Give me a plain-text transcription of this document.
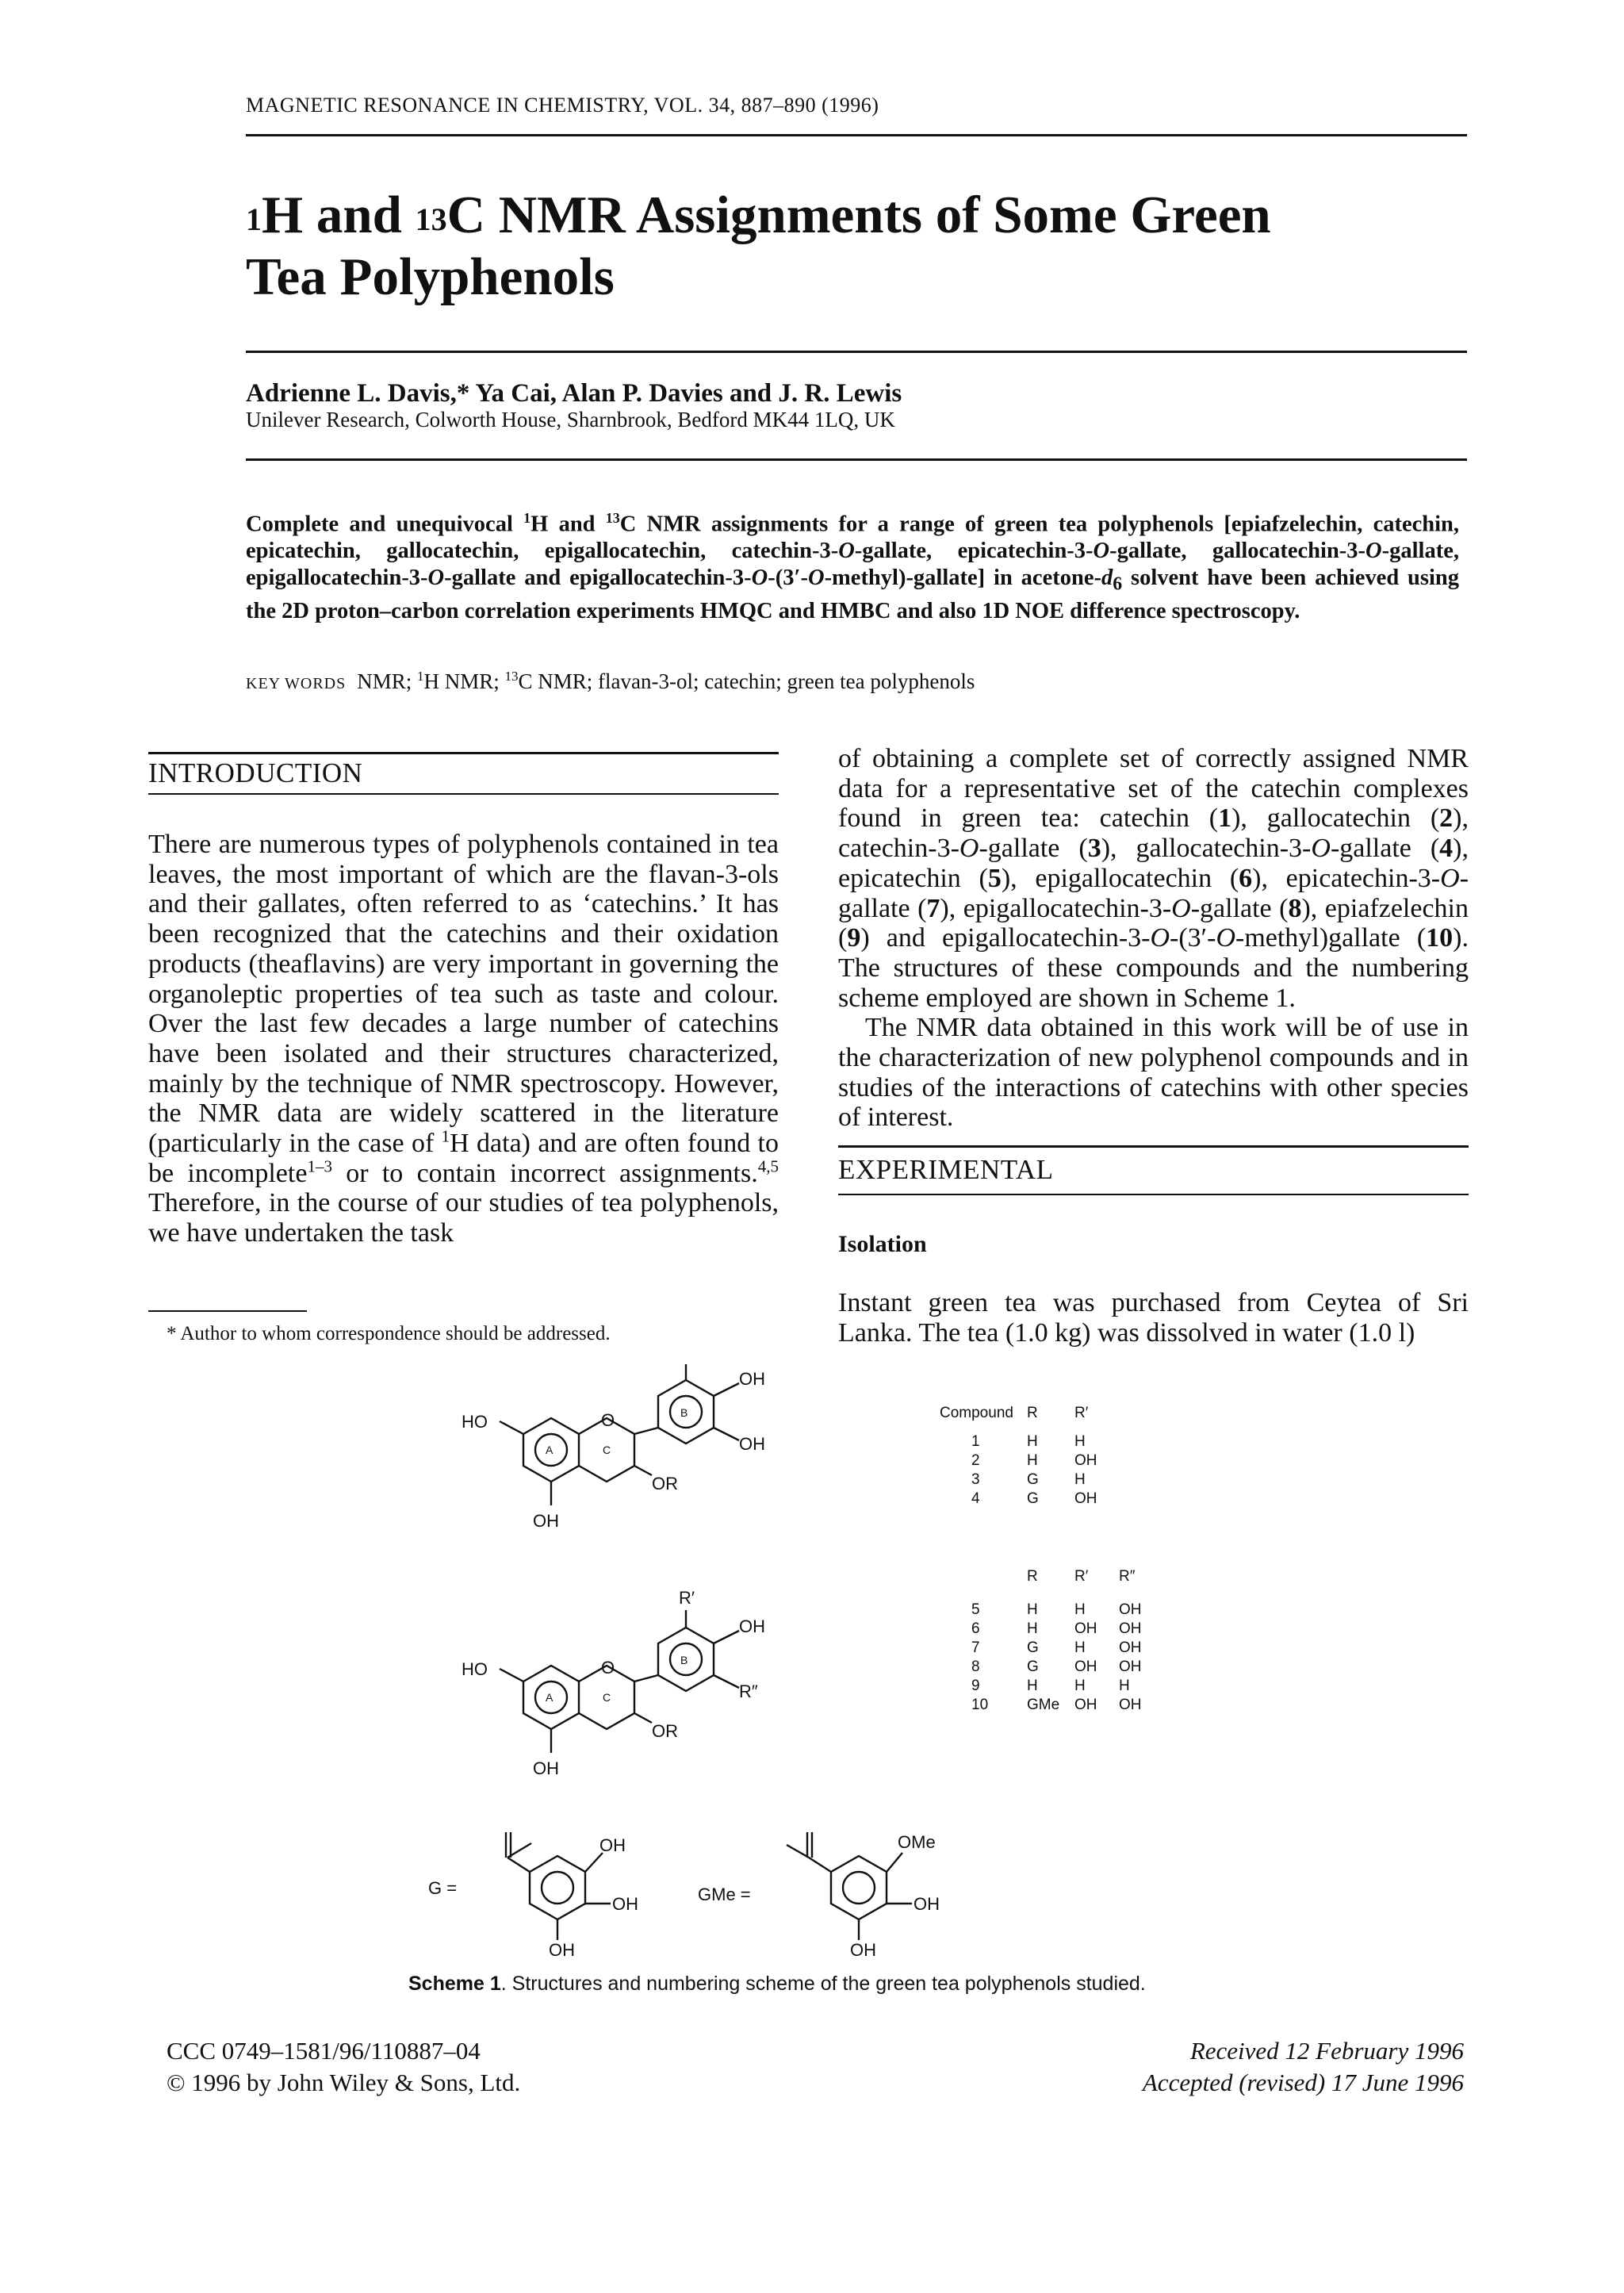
MAGNETIC RESONANCE IN CHEMISTRY, VOL. 34, 887–890 (1996)
$^1$H and $^{13}$C NMR Assignments of Some Green
Tea Polyphenols
Adrienne L. Davis,* Ya Cai, Alan P. Davies and J. R. Lewis
Unilever Research, Colworth House, Sharnbrook, Bedford MK44 1LQ, UK
Complete and unequivocal $^1$H and $^{13}$C NMR assignments for a range of green tea polyphenols [epiafzelechin, catechin, epicatechin, gallocatechin, epigallocatechin, catechin-3-O-gallate, epicatechin-3-O-gallate, gallocatechin-3-O-gallate, epigallocatechin-3-O-gallate and epigallocatechin-3-O-(3′-O-methyl)-gallate] in acetone-$d_6$ solvent have been achieved using the 2D proton–carbon correlation experiments HMQC and HMBC and also 1D NOE difference spectroscopy.
KEY WORDS NMR; $^1$H NMR; $^{13}$C NMR; flavan-3-ol; catechin; green tea polyphenols
INTRODUCTION
There are numerous types of polyphenols contained in tea leaves, the most important of which are the flavan-3-ols and their gallates, often referred to as ‘catechins.’ It has been recognized that the catechins and their oxidation products (theaflavins) are very important in governing the organoleptic properties of tea such as taste and colour. Over the last few decades a large number of catechins have been isolated and their structures characterized, mainly by the technique of NMR spectroscopy. However, the NMR data are widely scattered in the literature (particularly in the case of $^1$H data) and are often found to be incomplete$^{1-3}$ or to contain incorrect assignments.$^{4,5}$ Therefore, in the course of our studies of tea polyphenols, we have undertaken the task
of obtaining a complete set of correctly assigned NMR data for a representative set of the catechin complexes found in green tea: catechin (1), gallocatechin (2), catechin-3-O-gallate (3), gallocatechin-3-O-gallate (4), epicatechin (5), epigallocatechin (6), epicatechin-3-O-gallate (7), epigallocatechin-3-O-gallate (8), epiafzelechin (9) and epigallocatechin-3-O-(3′-O-methyl)gallate (10). The structures of these compounds and the numbering scheme employed are shown in Scheme 1.
The NMR data obtained in this work will be of use in the characterization of new polyphenol compounds and in studies of the interactions of catechins with other species of interest.
EXPERIMENTAL
Isolation
Instant green tea was purchased from Ceytea of Sri Lanka. The tea (1.0 kg) was dissolved in water (1.0 l)
* Author to whom correspondence should be addressed.
HO	O
OH
OR
OH
OH
A	C
B	Compound	R	R′

1	H	H
2	H	OH
3	G	H
4	G	OH
HO	O
OH
OR
OH
R″
R′
A	C
B
	R	R′	R″

5	H	H	OH
6	H	OH	OH
7	G	H	OH
8	G	OH	OH
9	H	H	H
10	GMe	OH	OH
G =
OH
OH
OH
GMe =
OMe
OH
OH
Scheme 1. Structures and numbering scheme of the green tea polyphenols studied.
CCC 0749–1581/96/110887–04
© 1996 by John Wiley & Sons, Ltd.
Received 12 February 1996
Accepted (revised) 17 June 1996
